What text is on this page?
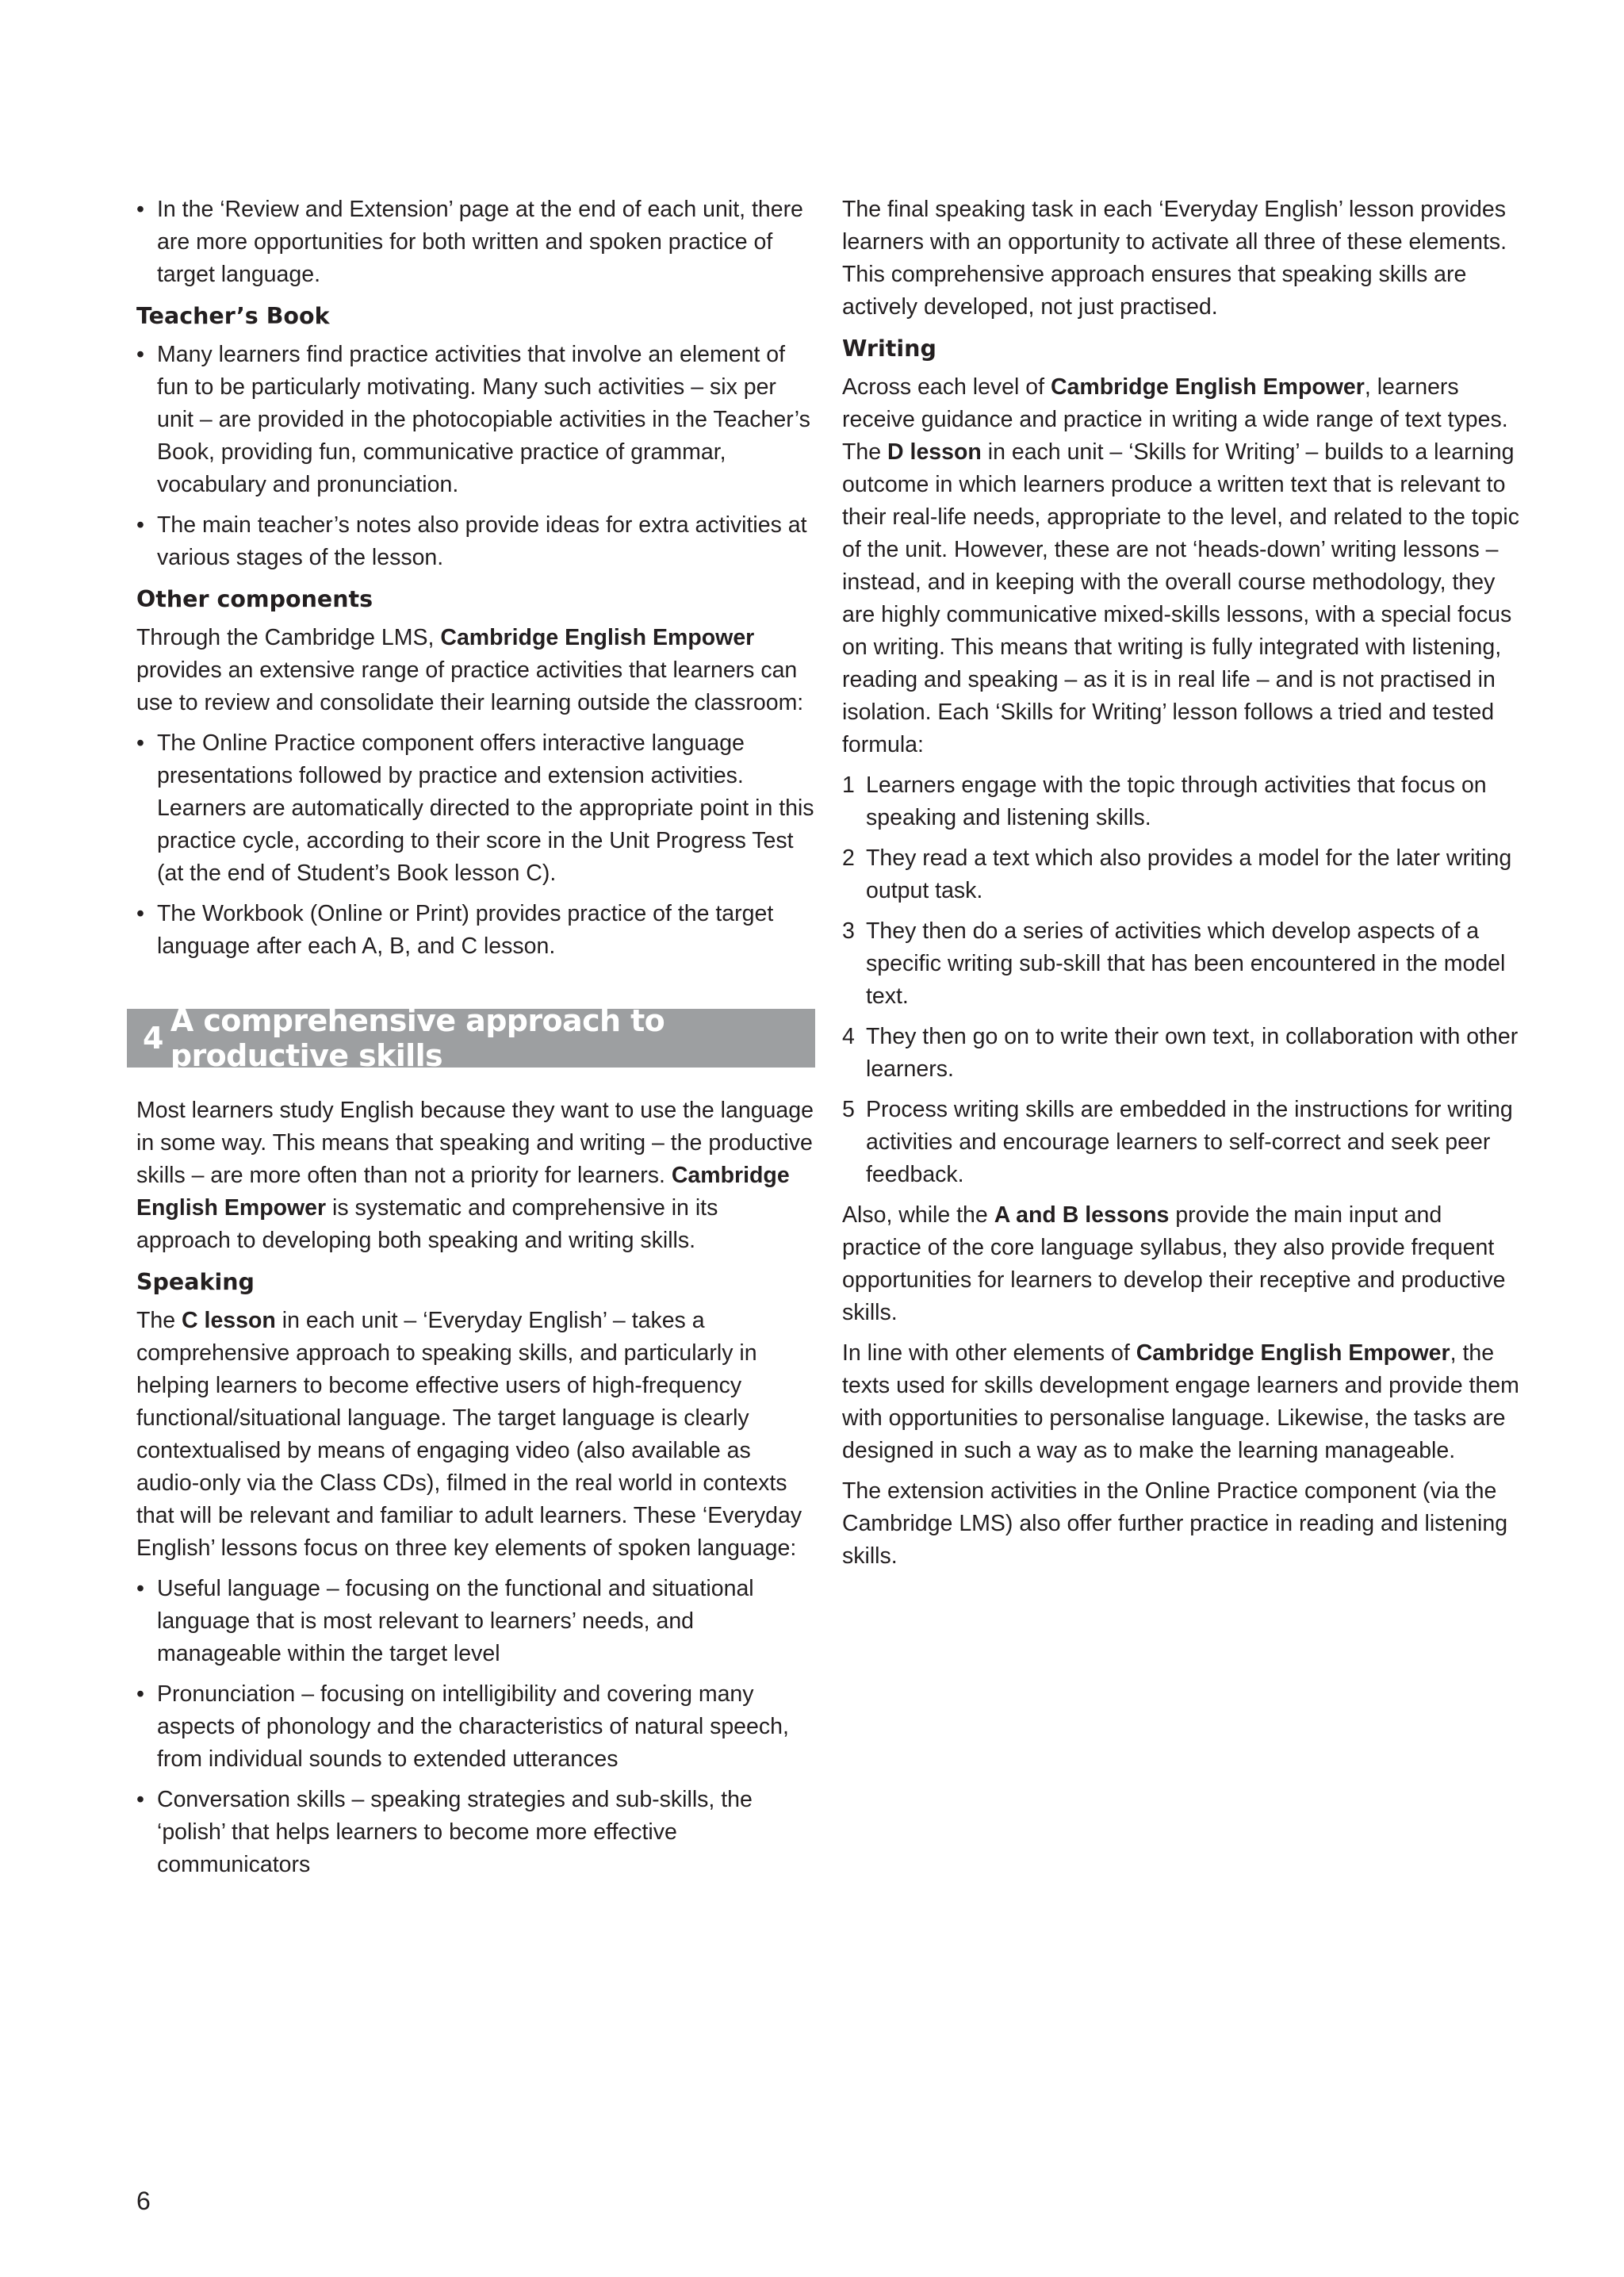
• In the ‘Review and Extension’ page at the end of each unit, there are more opportunities for both written and spoken practice of target language.
Teacher’s Book
• Many learners find practice activities that involve an element of fun to be particularly motivating. Many such activities – six per unit – are provided in the photocopiable activities in the Teacher’s Book, providing fun, communicative practice of grammar, vocabulary and pronunciation.
• The main teacher’s notes also provide ideas for extra activities at various stages of the lesson.
Other components

Through the Cambridge LMS, Cambridge English Empower provides an extensive range of practice activities that learners can use to review and consolidate their learning outside the classroom:

• The Online Practice component offers interactive language presentations followed by practice and extension activities. Learners are automatically directed to the appropriate point in this practice cycle, according to their score in the Unit Progress Test (at the end of Student’s Book lesson C).
• The Workbook (Online or Print) provides practice of the target language after each A, B, and C lesson.
4 A comprehensive approach to productive skills

Most learners study English because they want to use the language in some way. This means that speaking and writing – the productive skills – are more often than not a priority for learners. Cambridge English Empower is systematic and comprehensive in its approach to developing both speaking and writing skills.

Speaking

The C lesson in each unit – ‘Everyday English’ – takes a comprehensive approach to speaking skills, and particularly in helping learners to become effective users of high-frequency functional/situational language. The target language is clearly contextualised by means of engaging video (also available as audio-only via the Class CDs), filmed in the real world in contexts that will be relevant and familiar to adult learners. These ‘Everyday English’ lessons focus on three key elements of spoken language:

• Useful language – focusing on the functional and situational language that is most relevant to learners’ needs, and manageable within the target level
• Pronunciation – focusing on intelligibility and covering many aspects of phonology and the characteristics of natural speech, from individual sounds to extended utterances
• Conversation skills – speaking strategies and sub-skills, the ‘polish’ that helps learners to become more effective communicators

The final speaking task in each ‘Everyday English’ lesson provides learners with an opportunity to activate all three of these elements. This comprehensive approach ensures that speaking skills are actively developed, not just practised.

Writing

Across each level of Cambridge English Empower, learners receive guidance and practice in writing a wide range of text types. The D lesson in each unit – ‘Skills for Writing’ – builds to a learning outcome in which learners produce a written text that is relevant to their real-life needs, appropriate to the level, and related to the topic of the unit. However, these are not ‘heads-down’ writing lessons – instead, and in keeping with the overall course methodology, they are highly communicative mixed-skills lessons, with a special focus on writing. This means that writing is fully integrated with listening, reading and speaking – as it is in real life – and is not practised in isolation. Each ‘Skills for Writing’ lesson follows a tried and tested formula:

1 Learners engage with the topic through activities that focus on speaking and listening skills.
2 They read a text which also provides a model for the later writing output task.
3 They then do a series of activities which develop aspects of a specific writing sub-skill that has been encountered in the model text.
4 They then go on to write their own text, in collaboration with other learners.
5 Process writing skills are embedded in the instructions for writing activities and encourage learners to self-correct and seek peer feedback.

Also, while the A and B lessons provide the main input and practice of the core language syllabus, they also provide frequent opportunities for learners to develop their receptive and productive skills.

In line with other elements of Cambridge English Empower, the texts used for skills development engage learners and provide them with opportunities to personalise language. Likewise, the tasks are designed in such a way as to make the learning manageable.

The extension activities in the Online Practice component (via the Cambridge LMS) also offer further practice in reading and listening skills.

6
